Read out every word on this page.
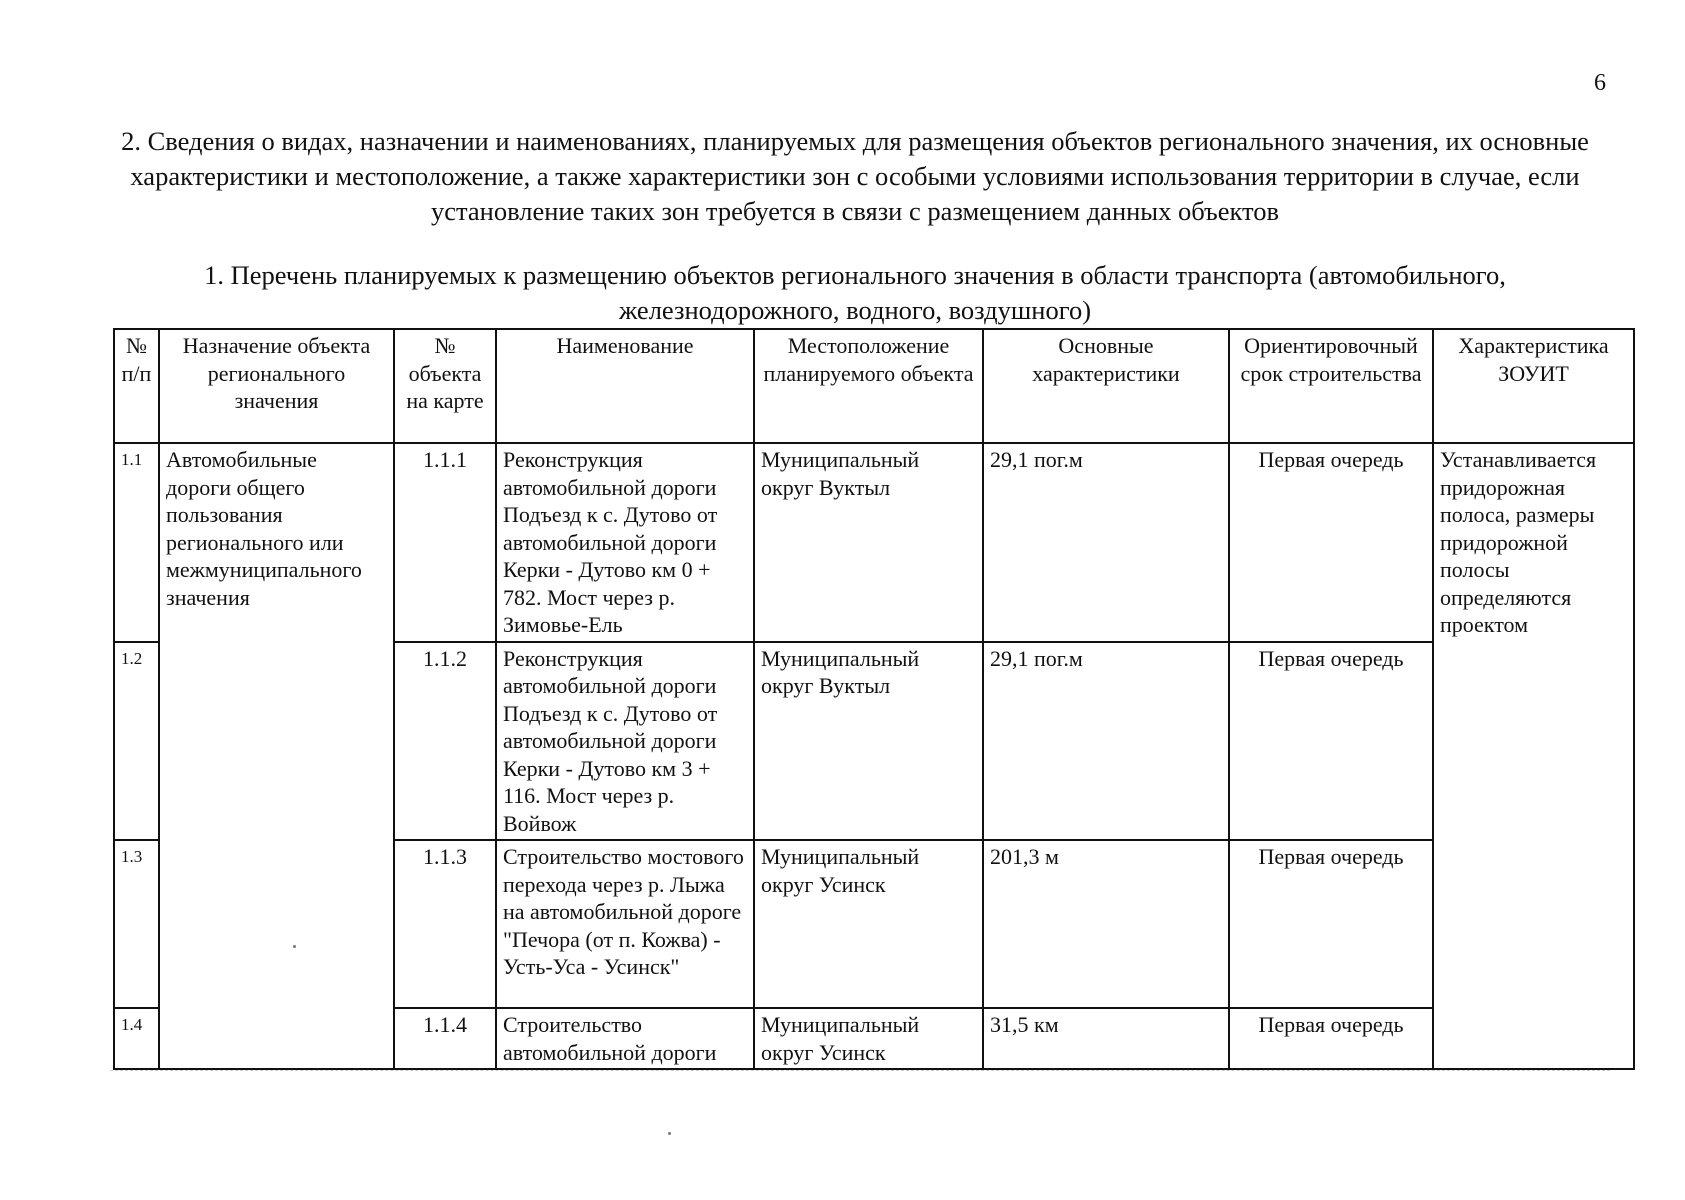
6
2. Сведения о видах, назначении и наименованиях, планируемых для размещения объектов регионального значения, их основные характеристики и местоположение, а также характеристики зон с особыми условиями использования территории в случае, если установление таких зон требуется в связи с размещением данных объектов
1. Перечень планируемых к размещению объектов регионального значения в области транспорта (автомобильного, железнодорожного, водного, воздушного)
№ п/п	Назначение объекта регионального значения	№ объекта на карте	Наименование	Местоположение планируемого объекта	Основные характеристики	Ориентировочный срок строительства	Характеристика ЗОУИТ
1.1	Автомобильные дороги общего пользования регионального или межмуниципального значения	1.1.1	Реконструкция автомобильной дороги Подъезд к с. Дутово от автомобильной дороги Керки - Дутово км 0 + 782. Мост через р. Зимовье-Ель	Муниципальный округ Вуктыл	29,1 пог.м	Первая очередь	Устанавливается придорожная полоса, размеры придорожной полосы определяются проектом
1.2		1.1.2	Реконструкция автомобильной дороги Подъезд к с. Дутово от автомобильной дороги Керки - Дутово км 3 + 116. Мост через р. Войвож	Муниципальный округ Вуктыл	29,1 пог.м	Первая очередь	
1.3		1.1.3	Строительство мостового перехода через р. Лыжа на автомобильной дороге "Печора (от п. Кожва) - Усть-Уса - Усинск"	Муниципальный округ Усинск	201,3 м	Первая очередь	
1.4		1.1.4	Строительство автомобильной дороги	Муниципальный округ Усинск	31,5 км	Первая очередь	
